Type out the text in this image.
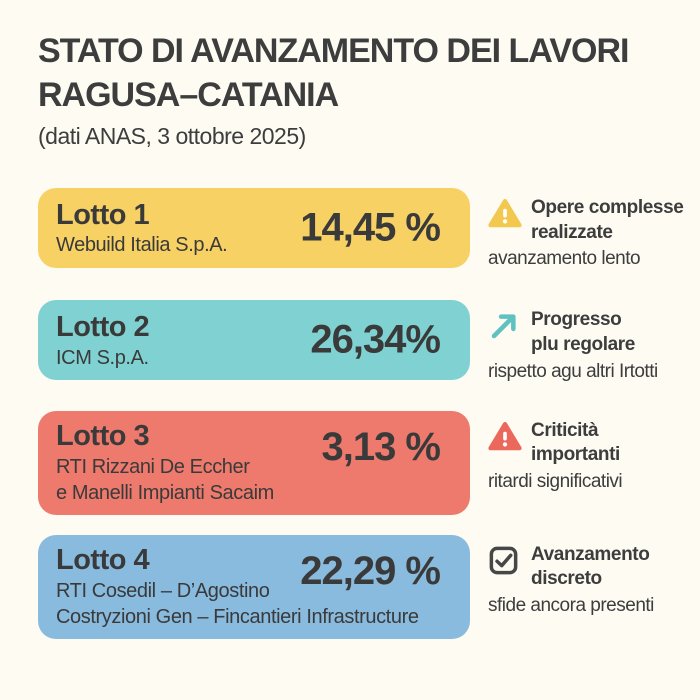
STATO DI AVANZAMENTO DEI LAVORI
RAGUSA–CATANIA
(dati ANAS, 3 ottobre 2025)
Lotto 1
Webuild Italia S.p.A.	14,45 %	Opere complesse
realizzate
avanzamento lento
Lotto 2
ICM S.p.A.	26,34%	Progresso
plu regolare
rispetto agu altri Irtotti
Lotto 3
RTI Rizzani De Eccher
e Manelli Impianti Sacaim
3,13 %	Criticità
importanti
ritardi significativi
Lotto 4
RTI Cosedil – D’Agostino
Costryzioni Gen – Fincantieri Infrastructure
22,29 %	Avanzamento
discreto
sfide ancora presenti
